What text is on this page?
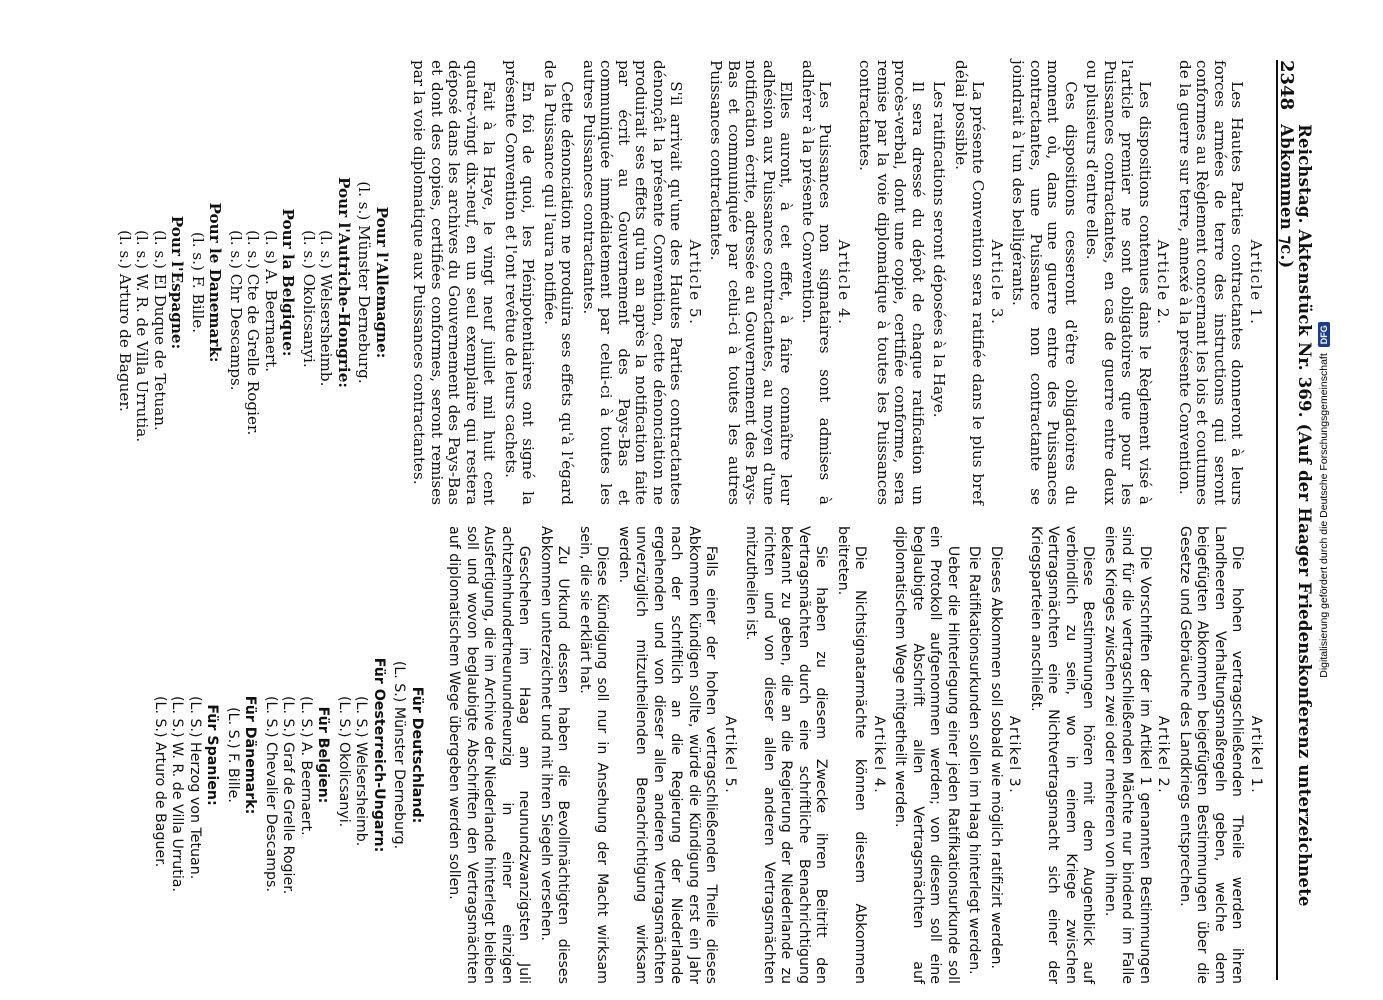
2348
Reichstag. Aktenstück Nr. 369. (Auf der Haager Friedenskonferenz unterzeichnete Abkommen ⁊c.)
Article 1.

Les Hautes Parties contractantes donneront à leurs forces armées de terre des instructions qui seront conformes au Règlement concernant les lois et coutumes de la guerre sur terre, annexé à la présente Convention.

Article 2.

Les dispositions contenues dans le Règlement visé à l'article premier ne sont obligatoires que pour les Puissances contractantes, en cas de guerre entre deux ou plusieurs d'entre elles.

Ces dispositions cesseront d'être obligatoires du moment où, dans une guerre entre des Puissances contractantes, une Puissance non contractante se joindrait à l'un des belligérants.

Article 3.

La présente Convention sera ratifiée dans le plus bref délai possible.

Les ratifications seront déposées à la Haye.

Il sera dressé du dépôt de chaque ratification un procès-verbal, dont une copie, certifiée conforme, sera remise par la voie diplomatique à toutes les Puissances contractantes.

Article 4.

Les Puissances non signataires sont admises à adhérer à la présente Convention.

Elles auront, à cet effet, à faire connaître leur adhésion aux Puissances contractantes, au moyen d'une notification écrite, adressée au Gouvernement des Pays-Bas et communiquée par celui-ci à toutes les autres Puissances contractantes.

Article 5.

S'il arrivait qu'une des Hautes Parties contractantes dénonçât la présente Convention, cette dénonciation ne produirait ses effets qu'un an après la notification faite par écrit au Gouvernement des Pays-Bas et communiquée immédiatement par celui-ci à toutes les autres Puissances contractantes.

Cette dénonciation ne produira ses effets qu'à l'égard de la Puissance qui l'aura notifiée.

En foi de quoi, les Plénipotentiaires ont signé la présente Convention et l'ont revêtue de leurs cachets.

Fait à la Haye, le vingt neuf juillet mil huit cent quatre-vingt dix-neuf, en un seul exemplaire qui restera déposé dans les archives du Gouvernement des Pays-Bas et dont des copies, certifiées conformes, seront remises par la voie diplomatique aux Puissances contractantes.

Pour l'Allemagne:
(l. s.) Münster Derneburg.
Pour l'Autriche-Hongrie:
(l. s.) Welsersheimb.
(l. s.) Okolicsanyi.
Pour la Belgique:
(l. s) A. Beernaert.
(l. s.) Cte de Grelle Rogier.
(l. s.) Chr Descamps.
Pour le Danemark:
(l. s.) F. Bille.
Pour l'Espagne:
(l. s.) El Duque de Tetuan.
(l. s.) W. R. de Villa Urrutia.
(l. s.) Arturo de Baguer.
Artikel 1.

Die hohen vertragschließenden Theile werden ihren Landheeren Verhaltungsmaßregeln geben, welche dem beigefügten Abkommen beigefügten Bestimmungen über die Gesetze und Gebräuche des Landkriegs entsprechen.

Artikel 2.

Die Vorschriften der im Artikel 1 genannten Bestimmungen sind für die vertragschließenden Mächte nur bindend im Falle eines Krieges zwischen zwei oder mehreren von ihnen.

Diese Bestimmungen hören mit dem Augenblick auf verbindlich zu sein, wo in einem Kriege zwischen Vertragsmächten eine Nichtvertragsmacht sich einer der Kriegsparteien anschließt.

Artikel 3.

Dieses Abkommen soll sobald wie möglich ratifizirt werden.

Die Ratifikationsurkunden sollen im Haag hinterlegt werden.

Ueber die Hinterlegung einer jeden Ratifikationsurkunde soll ein Protokoll aufgenommen werden; von diesem soll eine beglaubigte Abschrift allen Vertragsmächten auf diplomatischem Wege mitgetheilt werden.

Artikel 4.

Die Nichtsignatarmächte können diesem Abkommen beitreten.

Sie haben zu diesem Zwecke ihren Beitritt den Vertragsmächten durch eine schriftliche Benachrichtigung bekannt zu geben, die an die Regierung der Niederlande zu richten und von dieser allen anderen Vertragsmächten mitzutheilen ist.

Artikel 5.

Falls einer der hohen vertragschließenden Theile dieses Abkommen kündigen sollte, würde die Kündigung erst ein Jahr nach der schriftlich an die Regierung der Niederlande ergehenden und von dieser allen anderen Vertragsmächten unverzüglich mitzutheilenden Benachrichtigung wirksam werden.

Diese Kündigung soll nur in Ansehung der Macht wirksam sein, die sie erklärt hat.

Zu Urkund dessen haben die Bevollmächtigten dieses Abkommen unterzeichnet und mit ihren Siegeln versehen.

Geschehen im Haag am neunundzwanzigsten Juli achtzehnhundertneunundneunzig in einer einzigen Ausfertigung, die im Archive der Niederlande hinterlegt bleiben soll und wovon beglaubigte Abschriften den Vertragsmächten auf diplomatischem Wege übergeben werden sollen.

Für Deutschland:
(L. S.) Münster Derneburg.
Für Oesterreich-Ungarn:
(L. S.) Welsersheimb.
(L. S.) Okolicsanyi.
Für Belgien:
(L. S.) A. Beernaert.
(L. S.) Graf de Grelle Rogier.
(L. S.) Chevalier Descamps.
Für Dänemark:
(L. S.) F. Bille.
Für Spanien:
(L. S.) Herzog von Tetuan.
(L. S.) W. R. de Villa Urrutia.
(L. S.) Arturo de Baguer.
Digitalisierung gefördert durch die Deutsche Forschungsgemeinschaft
DFG
